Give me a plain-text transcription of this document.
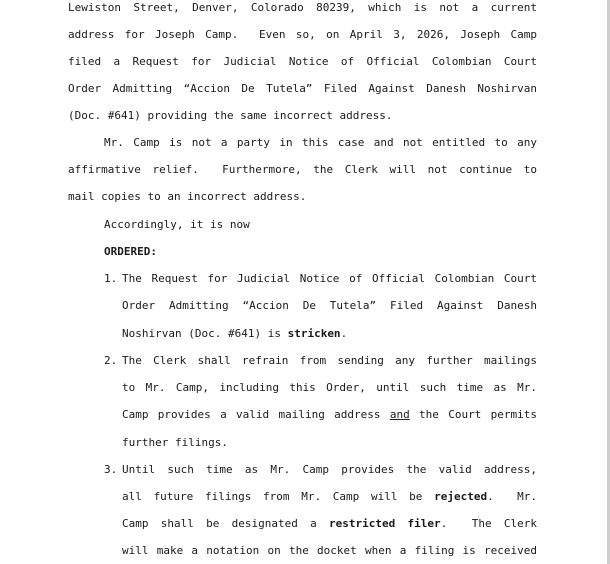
Lewiston Street, Denver, Colorado 80239, which is not a current
address for Joseph Camp.  Even so, on April 3, 2026, Joseph Camp
filed a Request for Judicial Notice of Official Colombian Court
Order Admitting “Accion De Tutela” Filed Against Danesh Noshirvan
(Doc. #641) providing the same incorrect address.
Mr. Camp is not a party in this case and not entitled to any
affirmative relief.  Furthermore, the Clerk will not continue to
mail copies to an incorrect address.
Accordingly, it is now
ORDERED:
1. The Request for Judicial Notice of Official Colombian Court
Order Admitting “Accion De Tutela” Filed Against Danesh
Noshirvan (Doc. #641) is stricken.
2. The Clerk shall refrain from sending any further mailings
to Mr. Camp, including this Order, until such time as Mr.
Camp provides a valid mailing address and the Court permits
further filings.
3. Until such time as Mr. Camp provides the valid address,
all future filings from Mr. Camp will be rejected.  Mr.
Camp shall be designated a restricted filer.  The Clerk
will make a notation on the docket when a filing is received
